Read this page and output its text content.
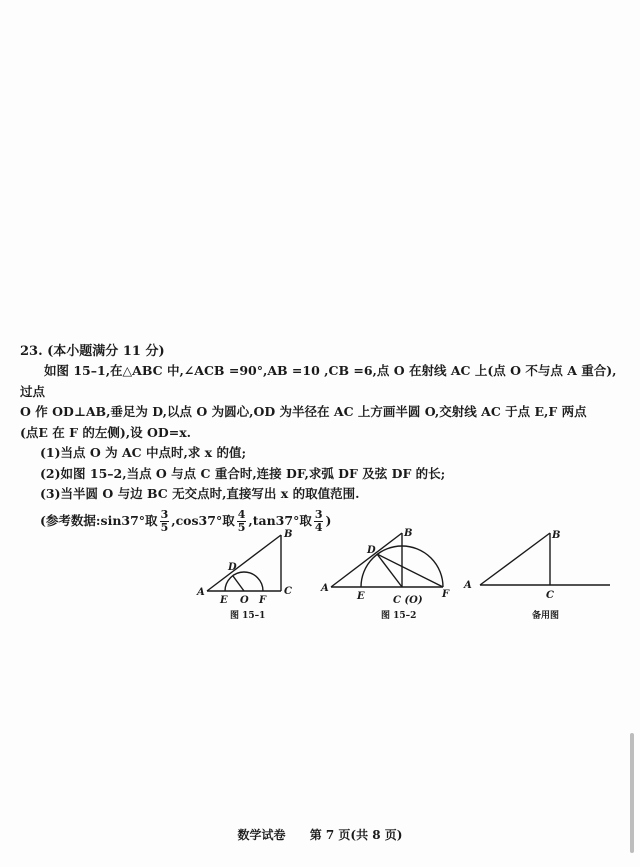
23. (本小题满分 11 分)

如图 15–1,在△ABC 中,∠ACB =90°,AB =10 ,CB =6,点 O 在射线 AC 上(点 O 不与点 A 重合),过点

O 作 OD⊥AB,垂足为 D,以点 O 为圆心,OD 为半径在 AC 上方画半圆 O,交射线 AC 于点 E,F 两点

(点E 在 F 的左侧),设 OD=x.

(1)当点 O 为 AC 中点时,求 x 的值;

(2)如图 15–2,当点 O 与点 C 重合时,连接 DF,求弧 DF 及弦 DF 的长;

(3)当半圆 O 与边 BC 无交点时,直接写出 x 的取值范围.

(参考数据:sin37°取 $\frac{3}{5} ,\cos 37^\circ$取 $\frac{4}{5} ,\tan 37^\circ$取 $\frac{3}{4}$ )

A
B
C
D
E O F
图 15–1
A
B
D
E	C (O)
F
图 15–2
B
C
备用图
A
数学试卷 第 7 页(共 8 页)
